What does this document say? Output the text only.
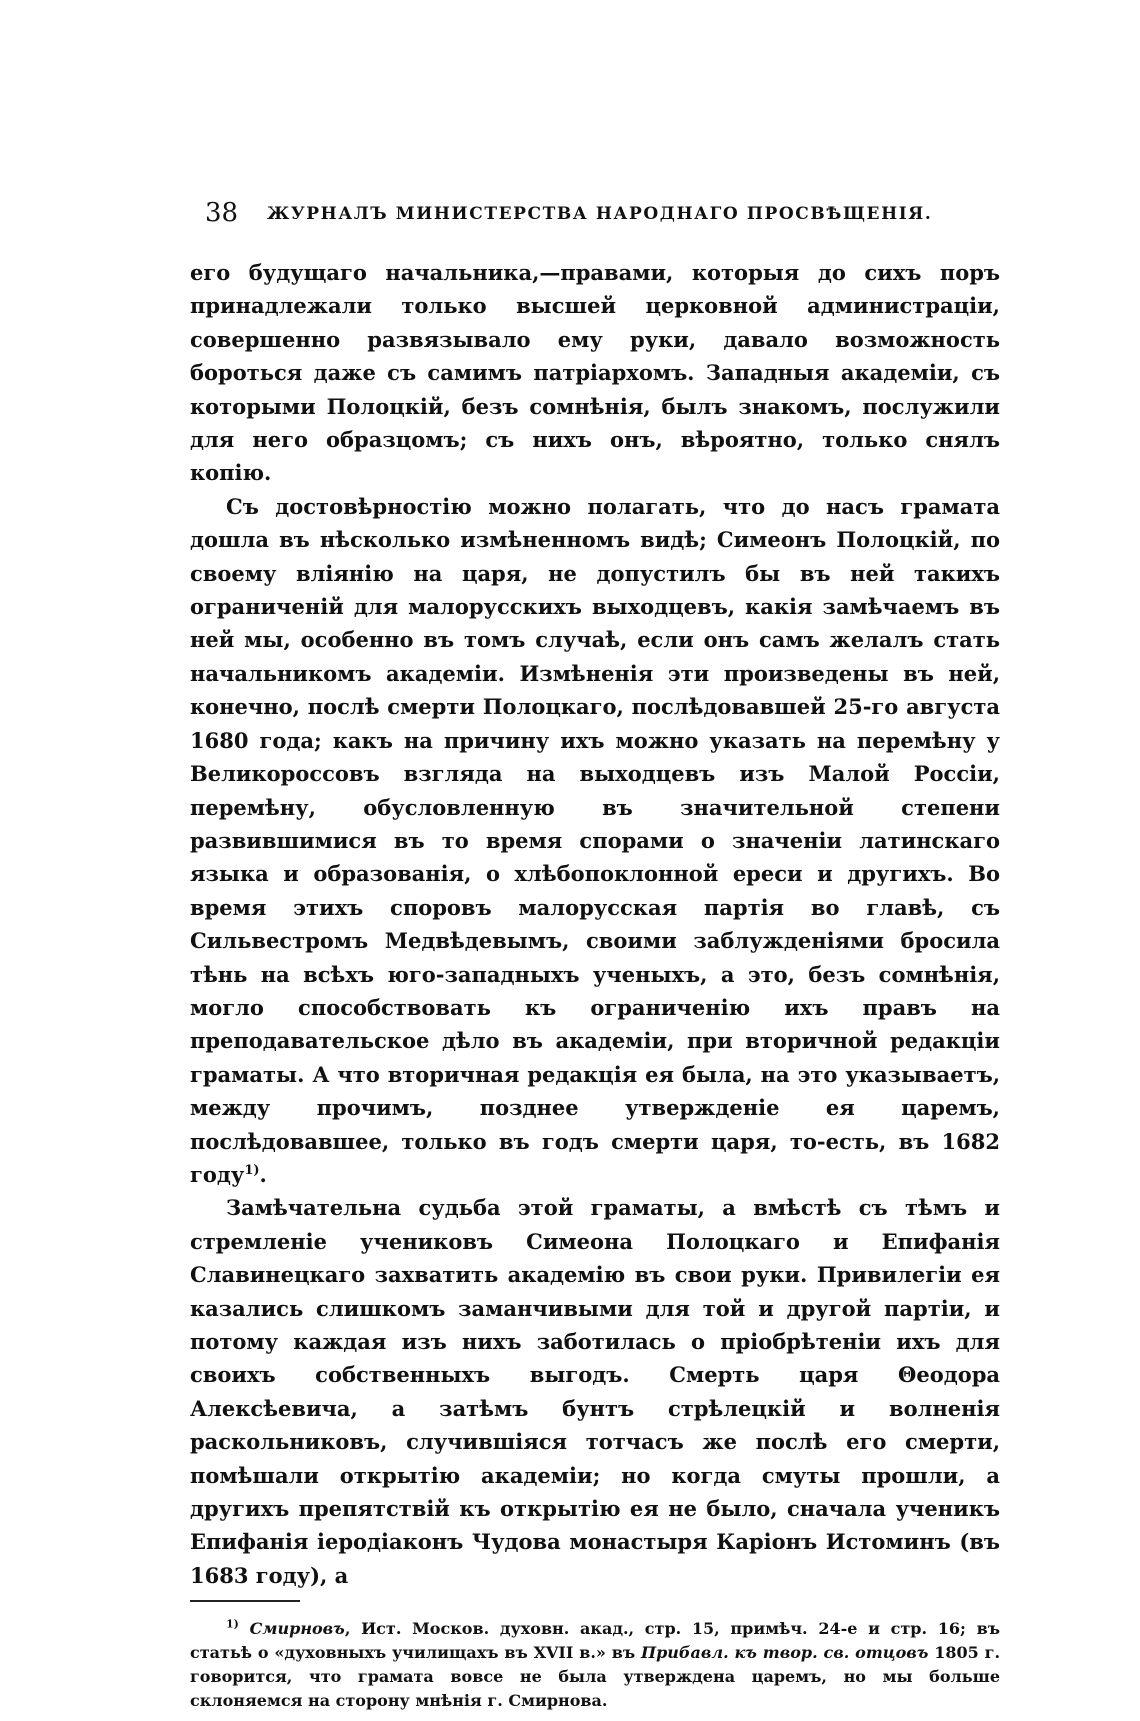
38 ЖУРНАЛЪ МИНИСТЕРСТВА НАРОДНАГО ПРОСВѢЩЕНІЯ.

его будущаго начальника,—правами, которыя до сихъ поръ принадлежали только высшей церковной администраціи, совершенно развязывало ему руки, давало возможность бороться даже съ самимъ патріархомъ. Западныя академіи, съ которыми Полоцкій, безъ сомнѣнія, былъ знакомъ, послужили для него образцомъ; съ нихъ онъ, вѣроятно, только снялъ копію.

Съ достовѣрностію можно полагать, что до насъ грамата дошла въ нѣсколько измѣненномъ видѣ; Симеонъ Полоцкій, по своему вліянію на царя, не допустилъ бы въ ней такихъ ограниченій для малорусскихъ выходцевъ, какія замѣчаемъ въ ней мы, особенно въ томъ случаѣ, если онъ самъ желалъ стать начальникомъ академіи. Измѣненія эти произведены въ ней, конечно, послѣ смерти Полоцкаго, послѣдовавшей 25-го августа 1680 года; какъ на причину ихъ можно указать на перемѣну у Великороссовъ взгляда на выходцевъ изъ Малой Россіи, перемѣну, обусловленную въ значительной степени развившимися въ то время спорами о значеніи латинскаго языка и образованія, о хлѣбопоклонной ереси и другихъ. Во время этихъ споровъ малорусская партія во главѣ, съ Сильвестромъ Медвѣдевымъ, своими заблужденіями бросила тѣнь на всѣхъ юго-западныхъ ученыхъ, а это, безъ сомнѣнія, могло способствовать къ ограниченію ихъ правъ на преподавательское дѣло въ академіи, при вторичной редакціи граматы. А что вторичная редакція ея была, на это указываетъ, между прочимъ, позднее утвержденіе ея царемъ, послѣдовавшее, только въ годъ смерти царя, то-есть, въ 1682 году$^{1)}$.

Замѣчательна судьба этой граматы, а вмѣстѣ съ тѣмъ и стремленіе учениковъ Симеона Полоцкаго и Епифанія Славинецкаго захватить академію въ свои руки. Привилегіи ея казались слишкомъ заманчивыми для той и другой партіи, и потому каждая изъ нихъ заботилась о пріобрѣтеніи ихъ для своихъ собственныхъ выгодъ. Смерть царя Θеодора Алексѣевича, а затѣмъ бунтъ стрѣлецкій и волненія раскольниковъ, случившіяся тотчасъ же послѣ его смерти, помѣшали открытію академіи; но когда смуты прошли, а другихъ препятствій къ открытію ея не было, сначала ученикъ Епифанія іеродіаконъ Чудова монастыря Каріонъ Истоминъ (въ 1683 году), а

$^{1)}$ Смирновъ, Ист. Москов. духовн. акад., стр. 15, примѣч. 24-е и стр. 16; въ статьѣ о «духовныхъ училищахъ въ XVII в.» въ Прибавл. къ твор. св. отцовъ 1805 г. говорится, что грамата вовсе не была утверждена царемъ, но мы больше склоняемся на сторону мнѣнія г. Смирнова.
